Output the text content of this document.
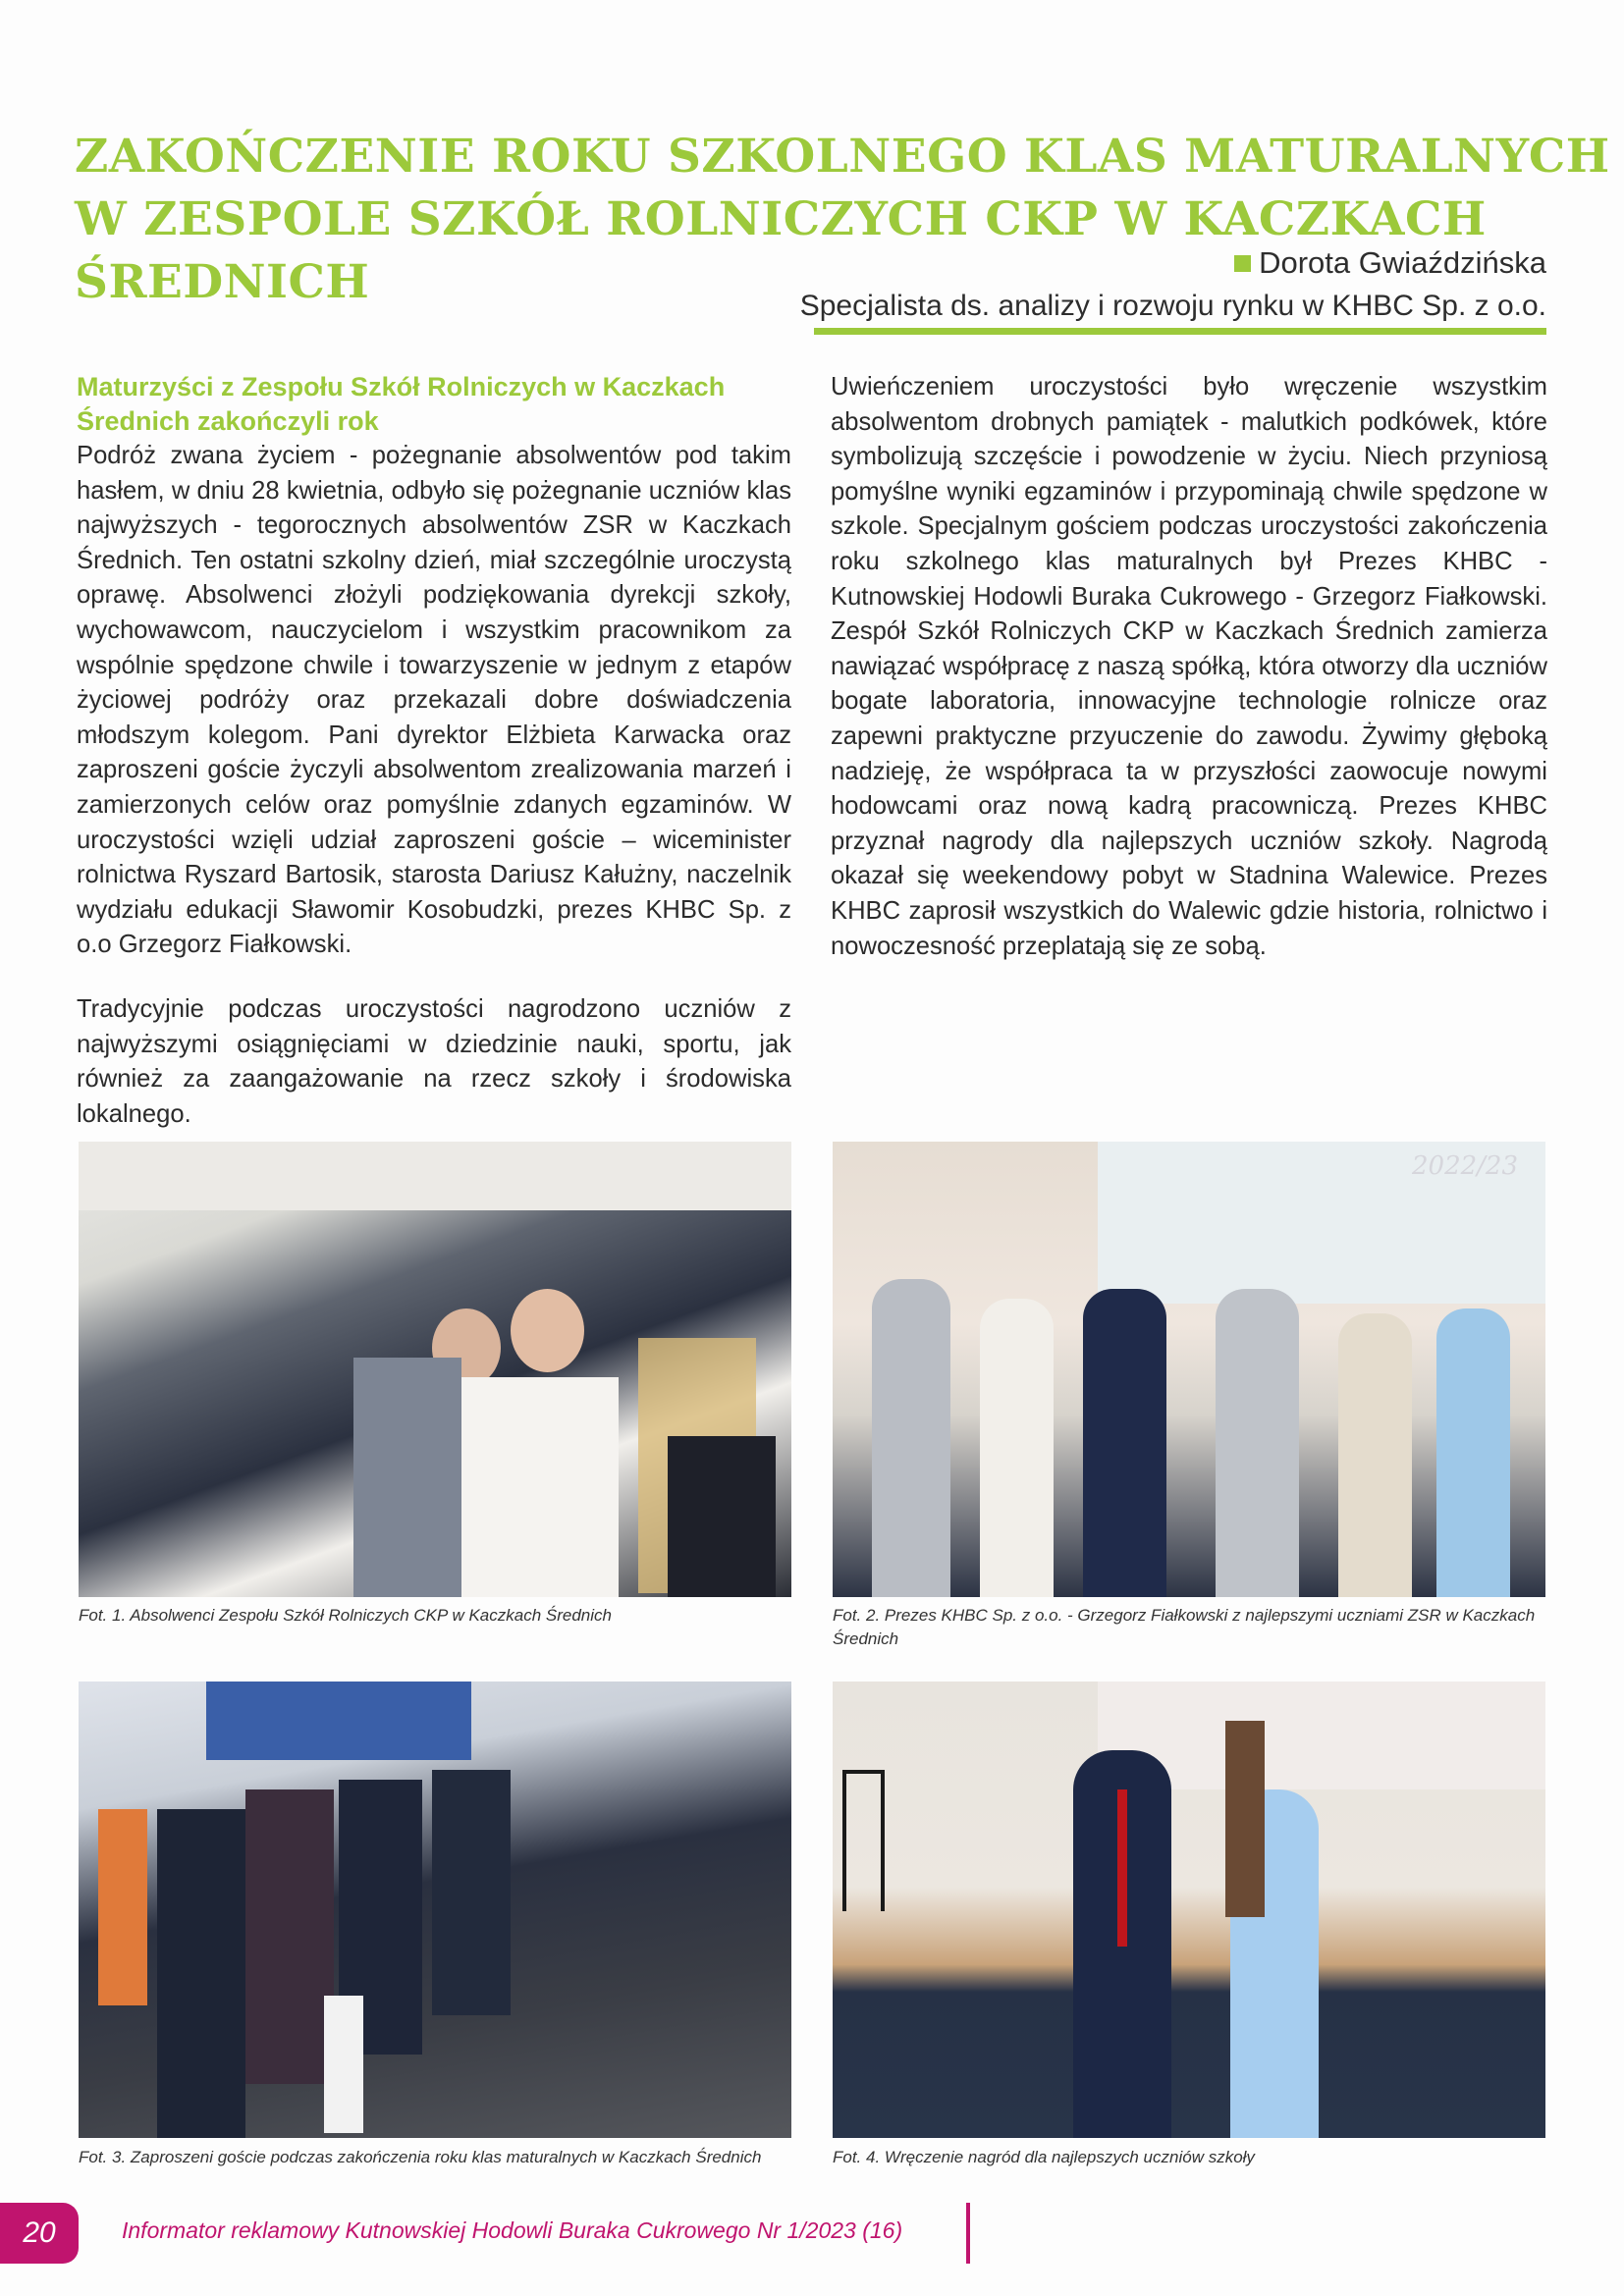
ZAKOŃCZENIE ROKU SZKOLNEGO KLAS MATURALNYCH
W ZESPOLE SZKÓŁ ROLNICZYCH CKP W KACZKACH
ŚREDNICH	Dorota Gwiaździńska
Specjalista ds. analizy i rozwoju rynku w KHBC Sp. z o.o.

Maturzyści z Zespołu Szkół Rolniczych w Kaczkach Średnich zakończyli rok

Podróż zwana życiem - pożegnanie absolwentów pod takim hasłem, w dniu 28 kwietnia, odbyło się pożegnanie uczniów klas najwyższych - tegorocznych absolwentów ZSR w Kaczkach Średnich. Ten ostatni szkolny dzień, miał szczególnie uroczystą oprawę. Absolwenci złożyli podziękowania dyrekcji szkoły, wychowawcom, nauczycielom i wszystkim pracownikom za wspólnie spędzone chwile i towarzyszenie w jednym z etapów życiowej podróży oraz przekazali dobre doświadczenia młodszym kolegom. Pani dyrektor Elżbieta Karwacka oraz zaproszeni goście życzyli absolwentom zrealizowania marzeń i zamierzonych celów oraz pomyślnie zdanych egzaminów. W uroczystości wzięli udział zaproszeni goście – wiceminister rolnictwa Ryszard Bartosik, starosta Dariusz Kałużny, naczelnik wydziału edukacji Sławomir Kosobudzki, prezes KHBC Sp. z o.o Grzegorz Fiałkowski.

Tradycyjnie podczas uroczystości nagrodzono uczniów z najwyższymi osiągnięciami w dziedzinie nauki, sportu, jak również za zaangażowanie na rzecz szkoły i środowiska lokalnego.

Uwieńczeniem uroczystości było wręczenie wszystkim absolwentom drobnych pamiątek - malutkich podkówek, które symbolizują szczęście i powodzenie w życiu. Niech przyniosą pomyślne wyniki egzaminów i przypominają chwile spędzone w szkole. Specjalnym gościem podczas uroczystości zakończenia roku szkolnego klas maturalnych był Prezes KHBC - Kutnowskiej Hodowli Buraka Cukrowego - Grzegorz Fiałkowski. Zespół Szkół Rolniczych CKP w Kaczkach Średnich zamierza nawiązać współpracę z naszą spółką, która otworzy dla uczniów bogate laboratoria, innowacyjne technologie rolnicze oraz zapewni praktyczne przyuczenie do zawodu. Żywimy głęboką nadzieję, że współpraca ta w przyszłości zaowocuje nowymi hodowcami oraz nową kadrą pracowniczą. Prezes KHBC przyznał nagrody dla najlepszych uczniów szkoły. Nagrodą okazał się weekendowy pobyt w Stadnina Walewice. Prezes KHBC zaprosił wszystkich do Walewic gdzie historia, rolnictwo i nowoczesność przeplatają się ze sobą.

Fot. 1. Absolwenci Zespołu Szkół Rolniczych CKP w Kaczkach Średnich
2022/23
Fot. 2. Prezes KHBC Sp. z o.o. - Grzegorz Fiałkowski z najlepszymi uczniami ZSR w Kaczkach Średnich
Fot. 3. Zaproszeni goście podczas zakończenia roku klas maturalnych w Kaczkach Średnich	Fot. 4. Wręczenie nagród dla najlepszych uczniów szkoły
20	Informator reklamowy Kutnowskiej Hodowli Buraka Cukrowego Nr 1/2023 (16)
